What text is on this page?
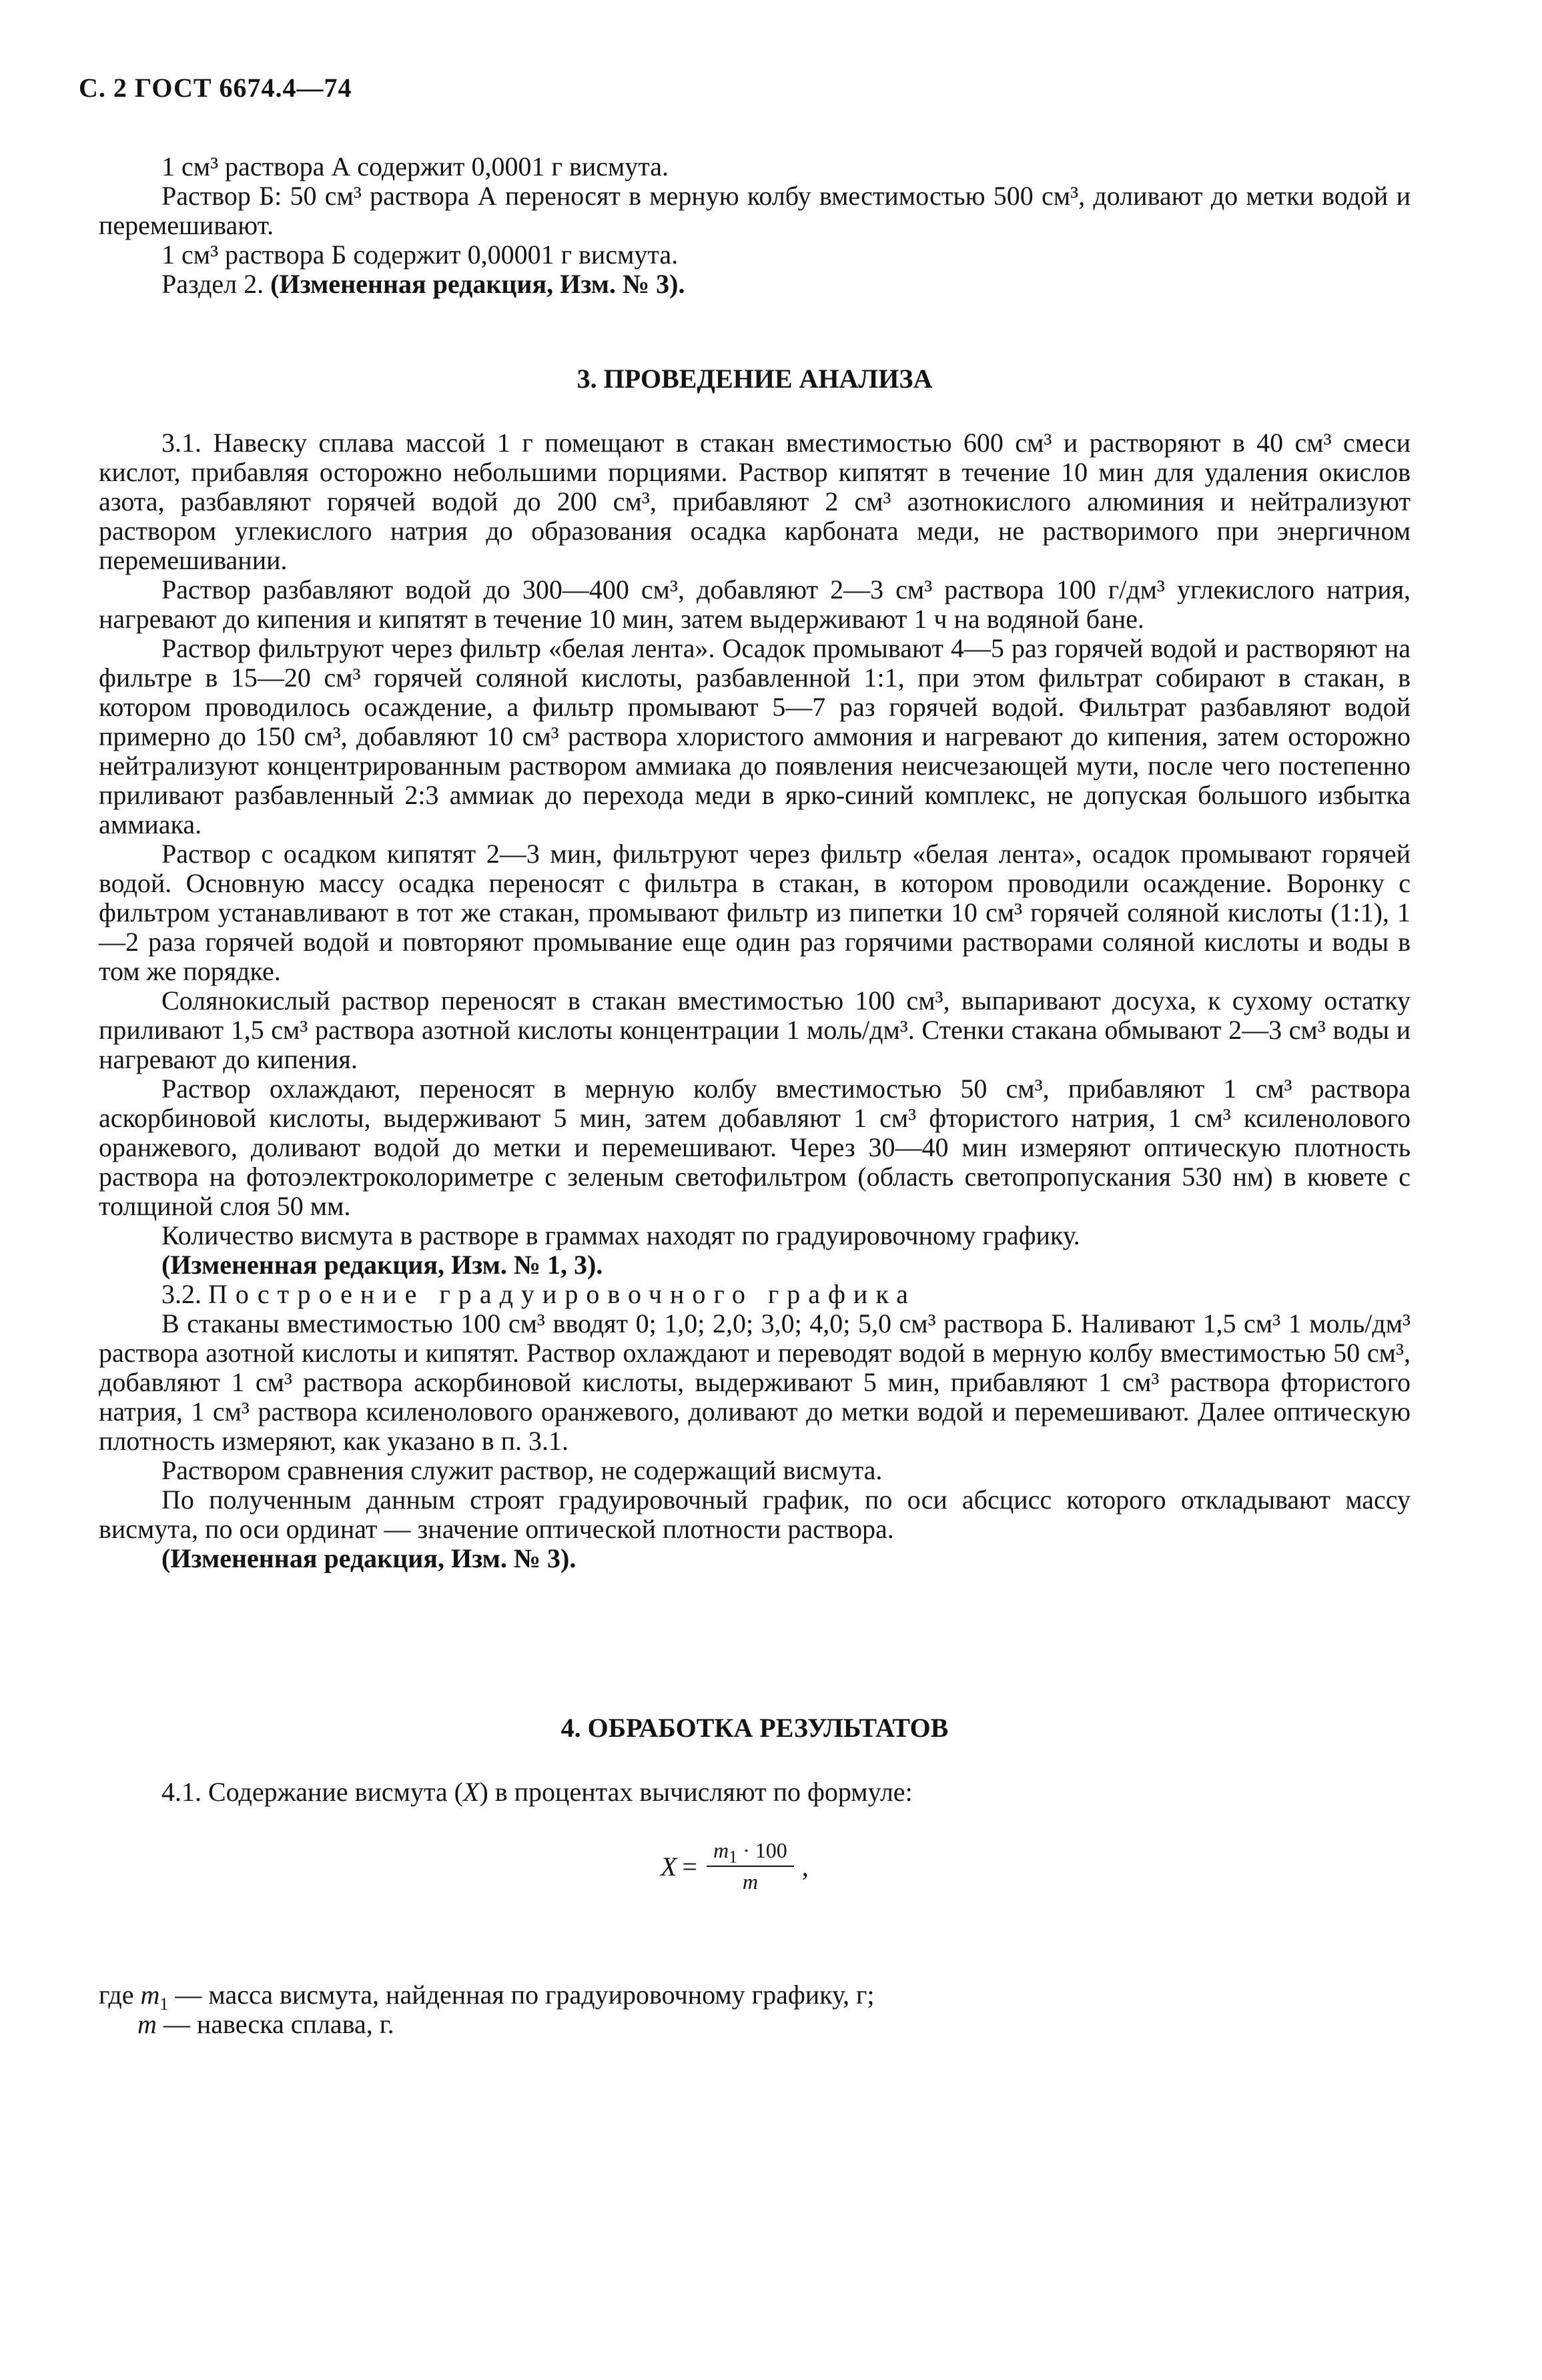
С. 2 ГОСТ 6674.4—74

1 см³ раствора А содержит 0,0001 г висмута.

Раствор Б: 50 см³ раствора А переносят в мерную колбу вместимостью 500 см³, доливают до метки водой и перемешивают.

1 см³ раствора Б содержит 0,00001 г висмута.

Раздел 2. (Измененная редакция, Изм. № 3).

3. ПРОВЕДЕНИЕ АНАЛИЗА

3.1. Навеску сплава массой 1 г помещают в стакан вместимостью 600 см³ и растворяют в 40 см³ смеси кислот, прибавляя осторожно небольшими порциями. Раствор кипятят в течение 10 мин для удаления окислов азота, разбавляют горячей водой до 200 см³, прибавляют 2 см³ азотнокислого алюминия и нейтрализуют раствором углекислого натрия до образования осадка карбоната меди, не растворимого при энергичном перемешивании.

Раствор разбавляют водой до 300—400 см³, добавляют 2—3 см³ раствора 100 г/дм³ углекислого натрия, нагревают до кипения и кипятят в течение 10 мин, затем выдерживают 1 ч на водяной бане.

Раствор фильтруют через фильтр «белая лента». Осадок промывают 4—5 раз горячей водой и растворяют на фильтре в 15—20 см³ горячей соляной кислоты, разбавленной 1:1, при этом фильтрат собирают в стакан, в котором проводилось осаждение, а фильтр промывают 5—7 раз горячей водой. Фильтрат разбавляют водой примерно до 150 см³, добавляют 10 см³ раствора хлористого аммония и нагревают до кипения, затем осторожно нейтрализуют концентрированным раствором аммиака до появления неисчезающей мути, после чего постепенно приливают разбавленный 2:3 аммиак до перехода меди в ярко-синий комплекс, не допуская большого избытка аммиака.

Раствор с осадком кипятят 2—3 мин, фильтруют через фильтр «белая лента», осадок промывают горячей водой. Основную массу осадка переносят с фильтра в стакан, в котором проводили осаждение. Воронку с фильтром устанавливают в тот же стакан, промывают фильтр из пипетки 10 см³ горячей соляной кислоты (1:1), 1—2 раза горячей водой и повторяют промывание еще один раз горячими растворами соляной кислоты и воды в том же порядке.

Солянокислый раствор переносят в стакан вместимостью 100 см³, выпаривают досуха, к сухому остатку приливают 1,5 см³ раствора азотной кислоты концентрации 1 моль/дм³. Стенки стакана обмывают 2—3 см³ воды и нагревают до кипения.

Раствор охлаждают, переносят в мерную колбу вместимостью 50 см³, прибавляют 1 см³ раствора аскорбиновой кислоты, выдерживают 5 мин, затем добавляют 1 см³ фтористого натрия, 1 см³ ксиленолового оранжевого, доливают водой до метки и перемешивают. Через 30—40 мин измеряют оптическую плотность раствора на фотоэлектроколориметре с зеленым светофильтром (область светопропускания 530 нм) в кювете с толщиной слоя 50 мм.

Количество висмута в растворе в граммах находят по градуировочному графику.

(Измененная редакция, Изм. № 1, 3).

3.2. Построение градуировочного графика

В стаканы вместимостью 100 см³ вводят 0; 1,0; 2,0; 3,0; 4,0; 5,0 см³ раствора Б. Наливают 1,5 см³ 1 моль/дм³ раствора азотной кислоты и кипятят. Раствор охлаждают и переводят водой в мерную колбу вместимостью 50 см³, добавляют 1 см³ раствора аскорбиновой кислоты, выдерживают 5 мин, прибавляют 1 см³ раствора фтористого натрия, 1 см³ раствора ксиленолового оранжевого, доливают до метки водой и перемешивают. Далее оптическую плотность измеряют, как указано в п. 3.1.

Раствором сравнения служит раствор, не содержащий висмута.

По полученным данным строят градуировочный график, по оси абсцисс которого откладывают массу висмута, по оси ординат — значение оптической плотности раствора.

(Измененная редакция, Изм. № 3).

4. ОБРАБОТКА РЕЗУЛЬТАТОВ

4.1. Содержание висмута (X) в процентах вычисляют по формуле:

$X = \frac{m_1 \cdot 100}{m}$ ,

где $m_1$ — масса висмута, найденная по градуировочному графику, г;

m — навеска сплава, г.
